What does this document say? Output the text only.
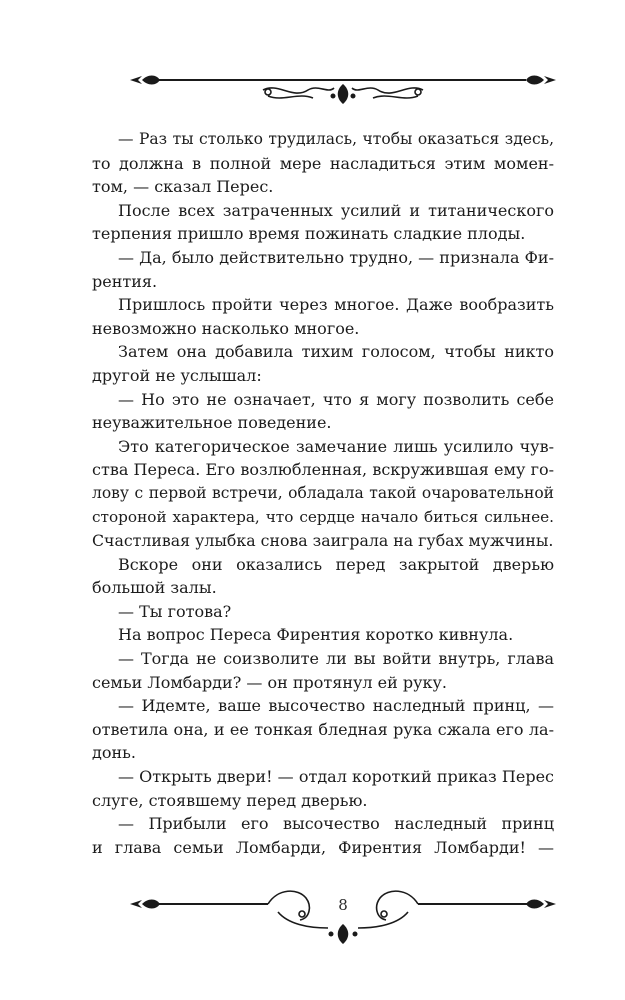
— Раз ты столько трудилась, чтобы оказаться здесь,
то должна в полной мере насладиться этим момен-
том, — сказал Перес.
После всех затраченных усилий и титанического
терпения пришло время пожинать сладкие плоды.
— Да, было действительно трудно, — признала Фи-
рентия.
Пришлось пройти через многое. Даже вообразить
невозможно насколько многое.
Затем она добавила тихим голосом, чтобы никто
другой не услышал:
— Но это не означает, что я могу позволить себе
неуважительное поведение.
Это категорическое замечание лишь усилило чув-
ства Переса. Его возлюбленная, вскружившая ему го-
лову с первой встречи, обладала такой очаровательной
стороной характера, что сердце начало биться сильнее.
Счастливая улыбка снова заиграла на губах мужчины.
Вскоре они оказались перед закрытой дверью
большой залы.
— Ты готова?
На вопрос Переса Фирентия коротко кивнула.
— Тогда не соизволите ли вы войти внутрь, глава
семьи Ломбарди? — он протянул ей руку.
— Идемте, ваше высочество наследный принц, —
ответила она, и ее тонкая бледная рука сжала его ла-
донь.
— Открыть двери! — отдал короткий приказ Перес
слуге, стоявшему перед дверью.
— Прибыли его высочество наследный принц
и глава семьи Ломбарди, Фирентия Ломбарди! —
8
